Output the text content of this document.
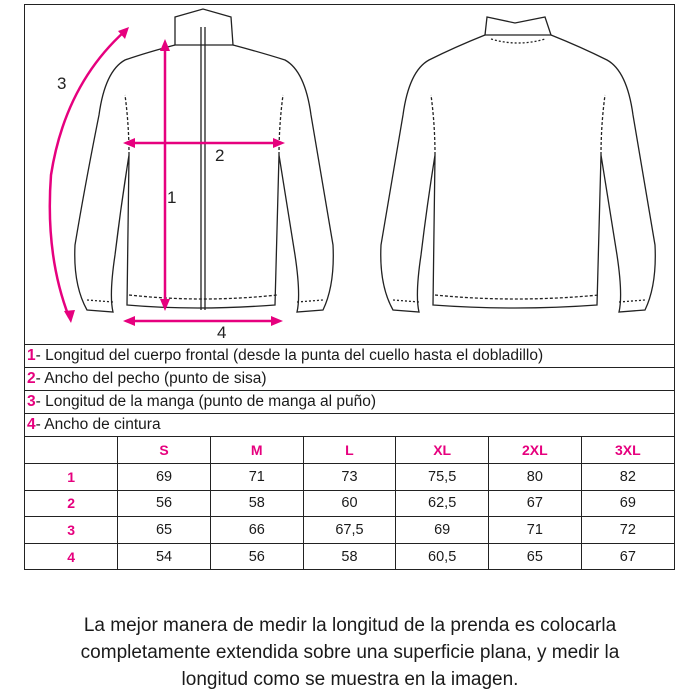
1
2
3
4
1- Longitud del cuerpo frontal (desde la punta del cuello hasta el dobladillo)
2- Ancho del pecho (punto de sisa)
3- Longitud de la manga (punto de manga al puño)
4- Ancho de cintura
	S	M	L	XL	2XL	3XL
1	69	71	73	75,5	80	82
2	56	58	60	62,5	67	69
3	65	66	67,5	69	71	72
4	54	56	58	60,5	65	67
La mejor manera de medir la longitud de la prenda es colocarla
completamente extendida sobre una superficie plana, y medir la
longitud como se muestra en la imagen.
